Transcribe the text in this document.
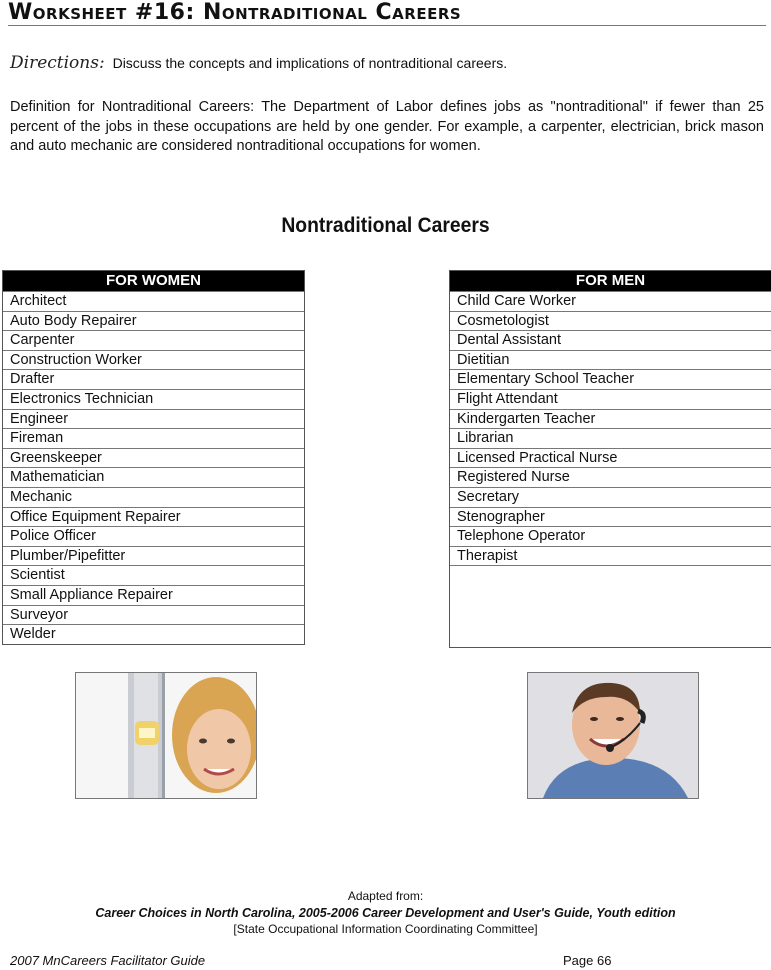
Worksheet #16: Nontraditional Careers
Directions: Discuss the concepts and implications of nontraditional careers.
Definition for Nontraditional Careers: The Department of Labor defines jobs as "nontraditional" if fewer than 25 percent of the jobs in these occupations are held by one gender. For example, a carpenter, electrician, brick mason and auto mechanic are considered nontraditional occupations for women.
Nontraditional Careers
FOR WOMEN
Architect
Auto Body Repairer
Carpenter
Construction Worker
Drafter
Electronics Technician
Engineer
Fireman
Greenskeeper
Mathematician
Mechanic
Office Equipment Repairer
Police Officer
Plumber/Pipefitter
Scientist
Small Appliance Repairer
Surveyor
Welder
FOR MEN
Child Care Worker
Cosmetologist
Dental Assistant
Dietitian
Elementary School Teacher
Flight Attendant
Kindergarten Teacher
Librarian
Licensed Practical Nurse
Registered Nurse
Secretary
Stenographer
Telephone Operator
Therapist
Adapted from:
Career Choices in North Carolina, 2005-2006 Career Development and User's Guide, Youth edition
[State Occupational Information Coordinating Committee]
2007 MnCareers Facilitator Guide	Page 66
